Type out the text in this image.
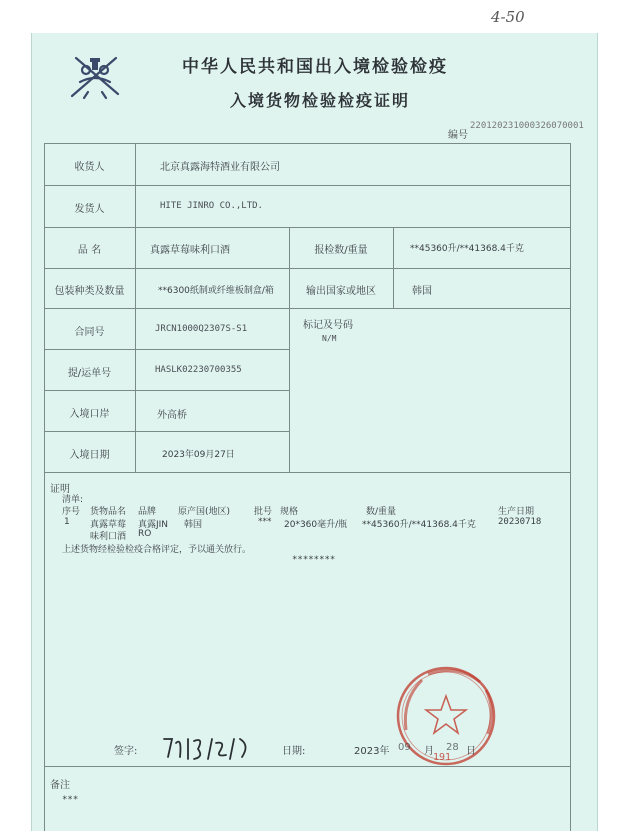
4-50
中华人民共和国出入境检验检疫
入境货物检验检疫证明
编号
220120231000326070001
收货人	北京真露海特酒业有限公司
发货人	HITE JINRO CO.,LTD.
品 名	真露草莓味利口酒	报检数/重量	**45360升/**41368.4千克
包装种类及数量	**6300纸制或纤维板制盒/箱	输出国家或地区	韩国
合同号	JRCN1000Q2307S-S1	标记及号码
N/M
提/运单号	HASLK02230700355
入境口岸	外高桥
入境日期	2023年09月27日
证明
清单:
序号 货物品名 品牌 原产国(地区)	批号 规格	数/重量	生产日期
1 真露草莓 真露JIN 韩国	*** 20*360毫升/瓶 **45360升/**41368.4千克 20230718
味利口酒 RO
上述货物经检验检疫合格评定，予以通关放行。
********
191
签字:	日期:	2023年 09 月 28 日
备注
***
